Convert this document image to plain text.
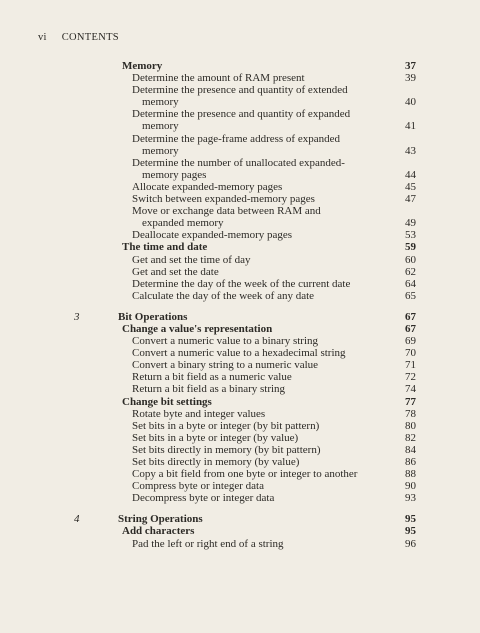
vi CONTENTS
Memory	37
Determine the amount of RAM present	39
Determine the presence and quantity of extended
memory	40
Determine the presence and quantity of expanded
memory	41
Determine the page-frame address of expanded
memory	43
Determine the number of unallocated expanded-
memory pages	44
Allocate expanded-memory pages	45
Switch between expanded-memory pages	47
Move or exchange data between RAM and
expanded memory	49
Deallocate expanded-memory pages	53
The time and date	59
Get and set the time of day	60
Get and set the date	62
Determine the day of the week of the current date	64
Calculate the day of the week of any date	65
3	Bit Operations	67
Change a value's representation	67
Convert a numeric value to a binary string	69
Convert a numeric value to a hexadecimal string	70
Convert a binary string to a numeric value	71
Return a bit field as a numeric value	72
Return a bit field as a binary string	74
Change bit settings	77
Rotate byte and integer values	78
Set bits in a byte or integer (by bit pattern)	80
Set bits in a byte or integer (by value)	82
Set bits directly in memory (by bit pattern)	84
Set bits directly in memory (by value)	86
Copy a bit field from one byte or integer to another	88
Compress byte or integer data	90
Decompress byte or integer data	93
4	String Operations	95
Add characters	95
Pad the left or right end of a string	96
